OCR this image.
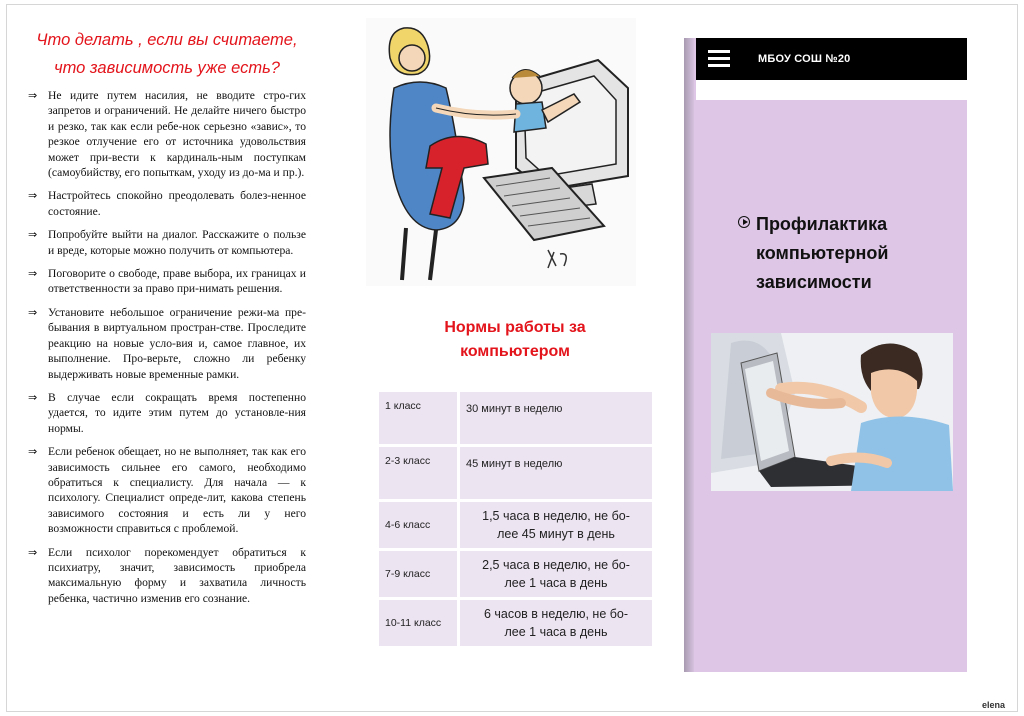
Что делать , если вы считаете,
что зависимость уже есть?
⇒ Не идите путем насилия, не вводите стро-гих запретов и ограничений. Не делайте ничего быстро и резко, так как если ребе-нок серьезно «завис», то резкое отлучение его от источника удовольствия может при-вести к кардиналь-ным поступкам (самоубийству, его попыткам, уходу из до-ма и пр.).
⇒ Настройтесь спокойно преодолевать болез-ненное состояние.
⇒ Попробуйте выйти на диалог. Расскажите о пользе и вреде, которые можно получить от компьютера.
⇒ Поговорите о свободе, праве выбора, их границах и ответственности за право при-нимать решения.
⇒ Установите небольшое ограничение режи-ма пре-бывания в виртуальном простран-стве. Проследите реакцию на новые усло-вия и, самое главное, их выполнение. Про-верьте, сложно ли ребенку выдерживать новые временные рамки.
⇒ В случае если сокращать время постепенно удается, то идите этим путем до установле-ния нормы.
⇒ Если ребенок обещает, но не выполняет, так как его зависимость сильнее его самого, необходимо обратиться к специалисту. Для начала — к психологу. Специалист опреде-лит, какова степень зависимого состояния и есть ли у него возможности справиться с проблемой.
⇒ Если психолог порекомендует обратиться к психиатру, значит, зависимость приобрела максимальную форму и захватила личность ребенка, частично изменив его сознание.
Нормы работы за
компьютером
1 класс	30 минут в неделю
2-3 класс	45 минут в неделю
4-6 класс	1,5 часа в неделю, не бо-
лее 45 минут в день
7-9 класс	2,5 часа в неделю, не бо-
лее 1 часа в день
10-11 класс	6 часов в неделю, не бо-
лее 1 часа в день
МБОУ СОШ №20
Профилактика
компьютерной
зависимости
elena
